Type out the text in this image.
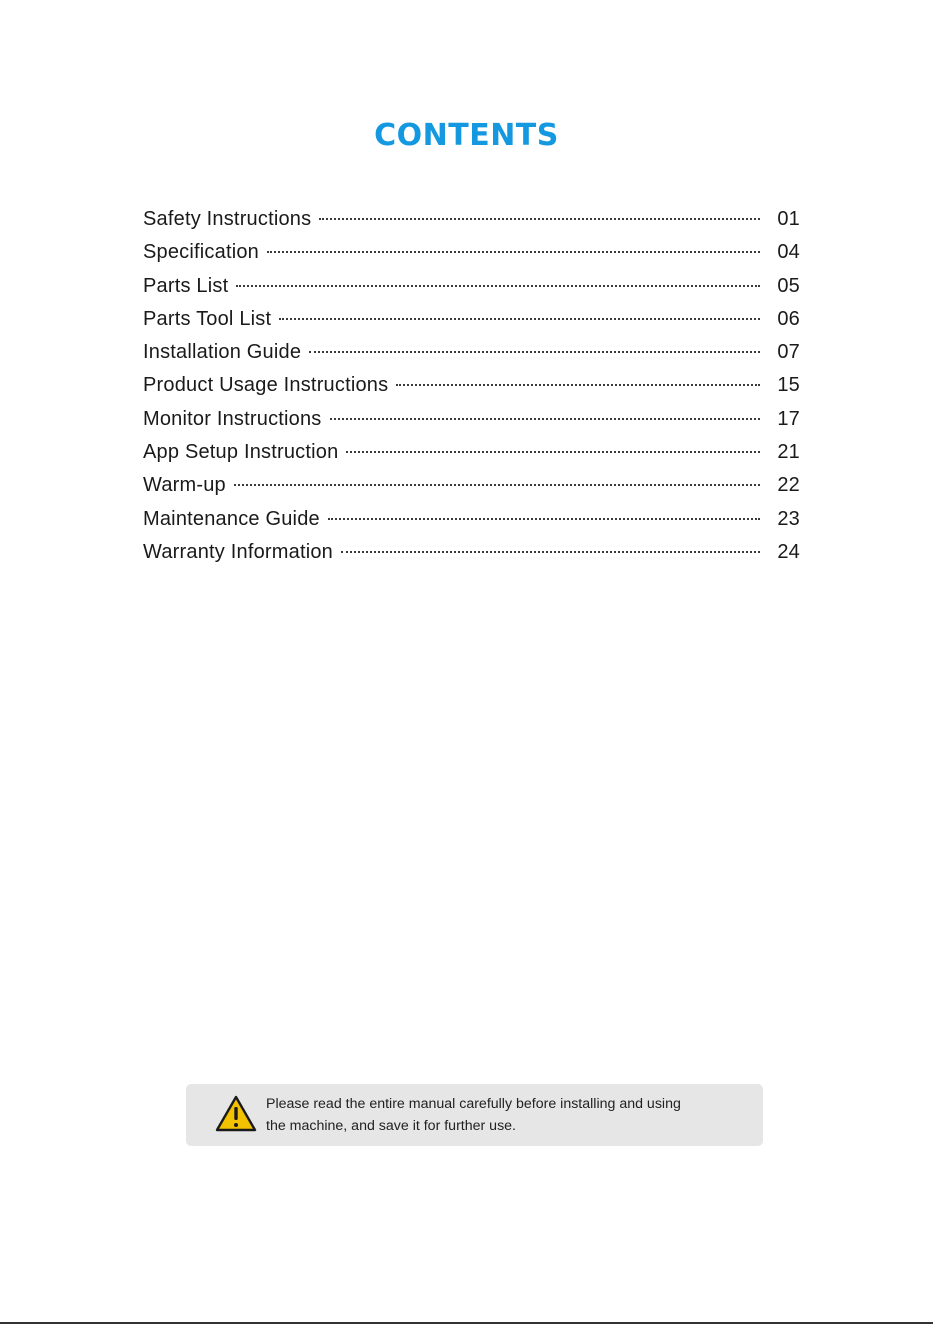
CONTENTS
Safety Instructions	01
Specification	04
Parts List	05
Parts Tool List	06
Installation Guide	07
Product Usage Instructions	15
Monitor Instructions	17
App Setup Instruction	21
Warm-up	22
Maintenance Guide	23
Warranty Information	24
Please read the entire manual carefully before installing and using
the machine, and save it for further use.
